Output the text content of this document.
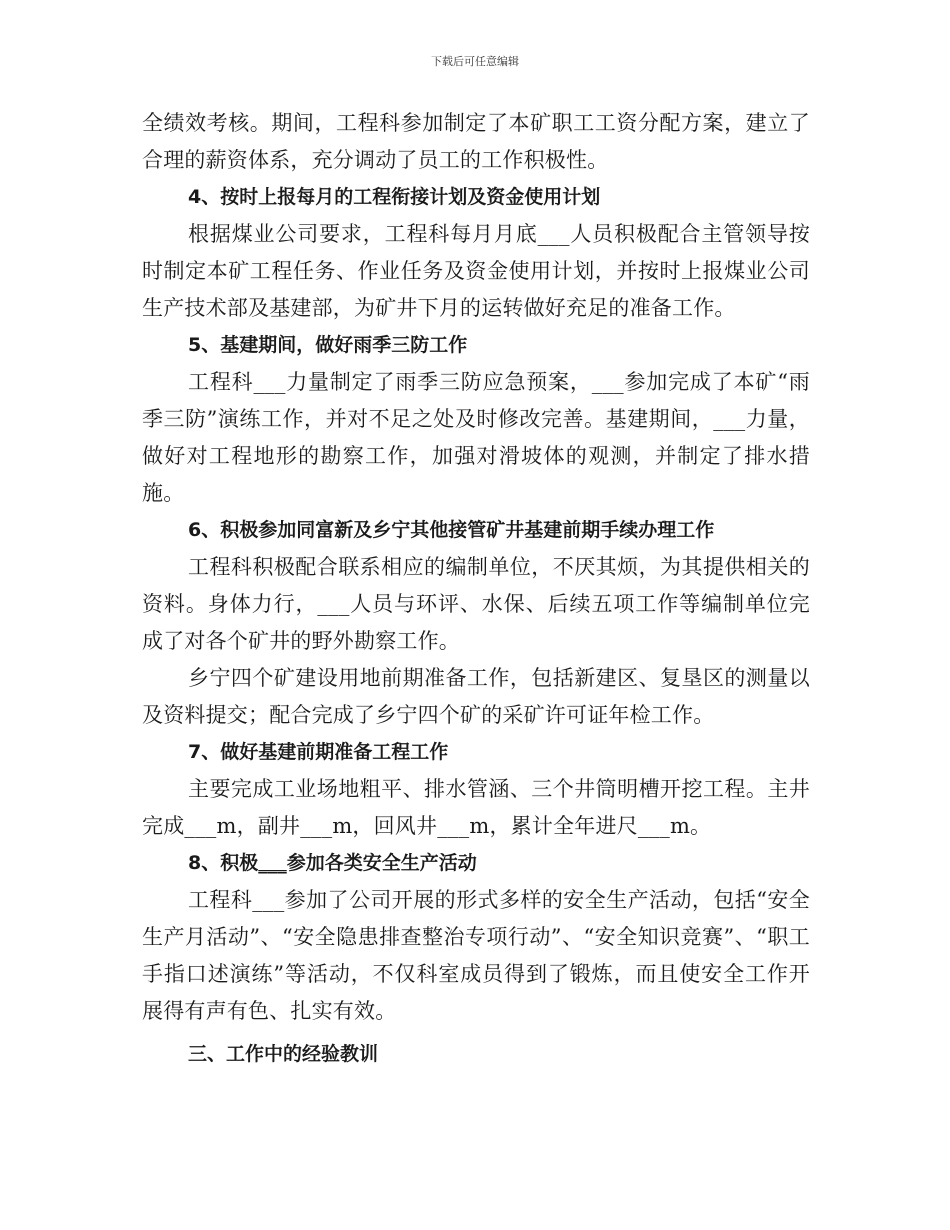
下载后可任意编辑

全绩效考核。期间，工程科参加制定了本矿职工工资分配方案，建立了合理的薪资体系，充分调动了员工的工作积极性。

4、按时上报每月的工程衔接计划及资金使用计划

根据煤业公司要求，工程科每月月底___人员积极配合主管领导按时制定本矿工程任务、作业任务及资金使用计划，并按时上报煤业公司生产技术部及基建部，为矿井下月的运转做好充足的准备工作。

5、基建期间，做好雨季三防工作

工程科___力量制定了雨季三防应急预案，___参加完成了本矿“雨季三防”演练工作，并对不足之处及时修改完善。基建期间，___力量，做好对工程地形的勘察工作，加强对滑坡体的观测，并制定了排水措施。

6、积极参加同富新及乡宁其他接管矿井基建前期手续办理工作

工程科积极配合联系相应的编制单位，不厌其烦，为其提供相关的资料。身体力行，___人员与环评、水保、后续五项工作等编制单位完成了对各个矿井的野外勘察工作。

乡宁四个矿建设用地前期准备工作，包括新建区、复垦区的测量以及资料提交；配合完成了乡宁四个矿的采矿许可证年检工作。

7、做好基建前期准备工程工作

主要完成工业场地粗平、排水管涵、三个井筒明槽开挖工程。主井完成___m，副井___m，回风井___m，累计全年进尺___m。

8、积极___参加各类安全生产活动

工程科___参加了公司开展的形式多样的安全生产活动，包括“安全生产月活动”、“安全隐患排查整治专项行动”、“安全知识竞赛”、“职工手指口述演练”等活动，不仅科室成员得到了锻炼，而且使安全工作开展得有声有色、扎实有效。

三、工作中的经验教训
